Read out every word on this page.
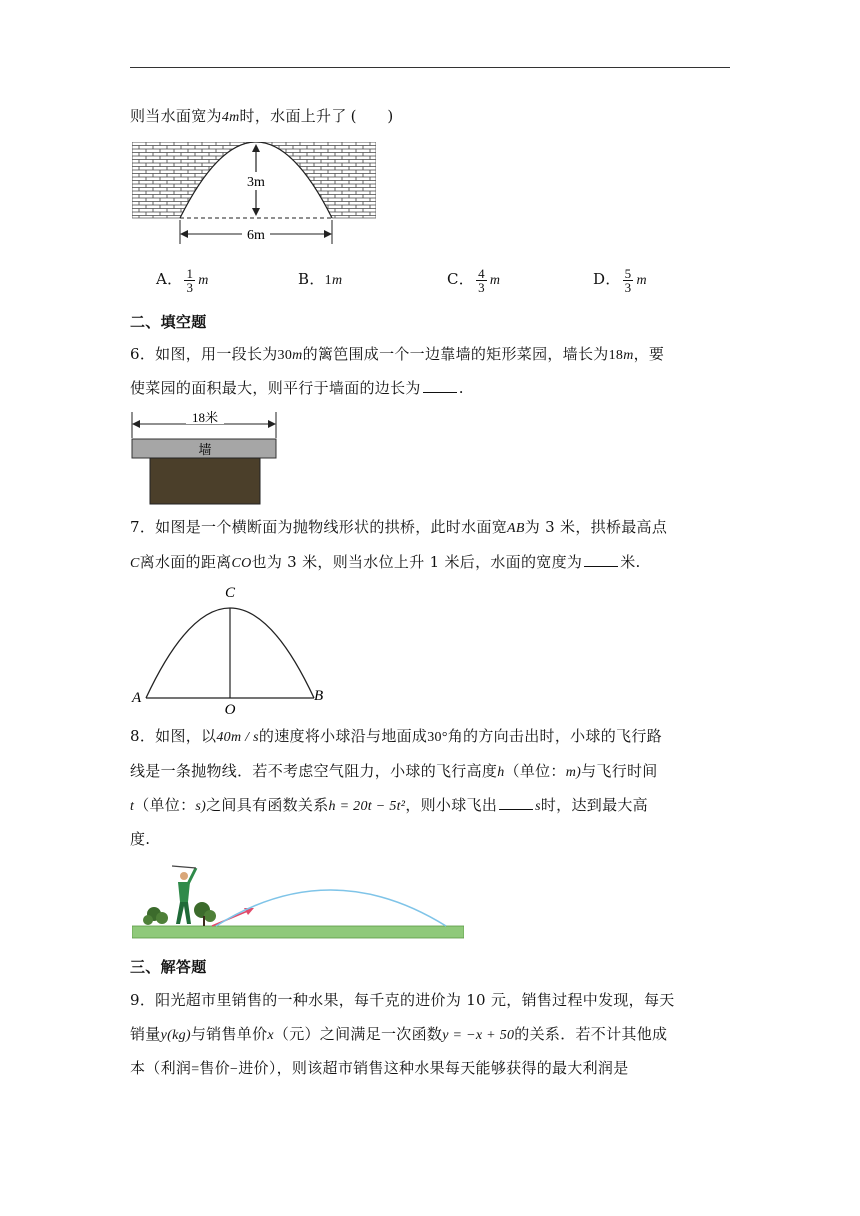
则当水面宽为4m时，水面上升了 (　　)
3m
6m
A． $\frac{1}{3}$ m	B．1m	C． $\frac{4}{3}$ m	D． $\frac{5}{3}$ m
二、填空题
6．如图，用一段长为30m的篱笆围成一个一边靠墙的矩形菜园，墙长为18m，要
使菜园的面积最大，则平行于墙面的边长为	.
18米
墙
7．如图是一个横断面为抛物线形状的拱桥，此时水面宽AB为 3 米，拱桥最高点
C离水面的距离CO也为 3 米，则当水位上升 1 米后，水面的宽度为	米.
C
A	B
O
8．如图，以40m / s的速度将小球沿与地面成30°角的方向击出时，小球的飞行路
线是一条抛物线．若不考虑空气阻力，小球的飞行高度h（单位：m)与飞行时间
t（单位：s)之间具有函数关系h = 20t − 5t²，则小球飞出	s时，达到最大高
度.
三、解答题
9．阳光超市里销售的一种水果，每千克的进价为 10 元，销售过程中发现，每天
销量y(kg)与销售单价x（元）之间满足一次函数y = −x + 50的关系．若不计其他成
本（利润=售价−进价），则该超市销售这种水果每天能够获得的最大利润是
